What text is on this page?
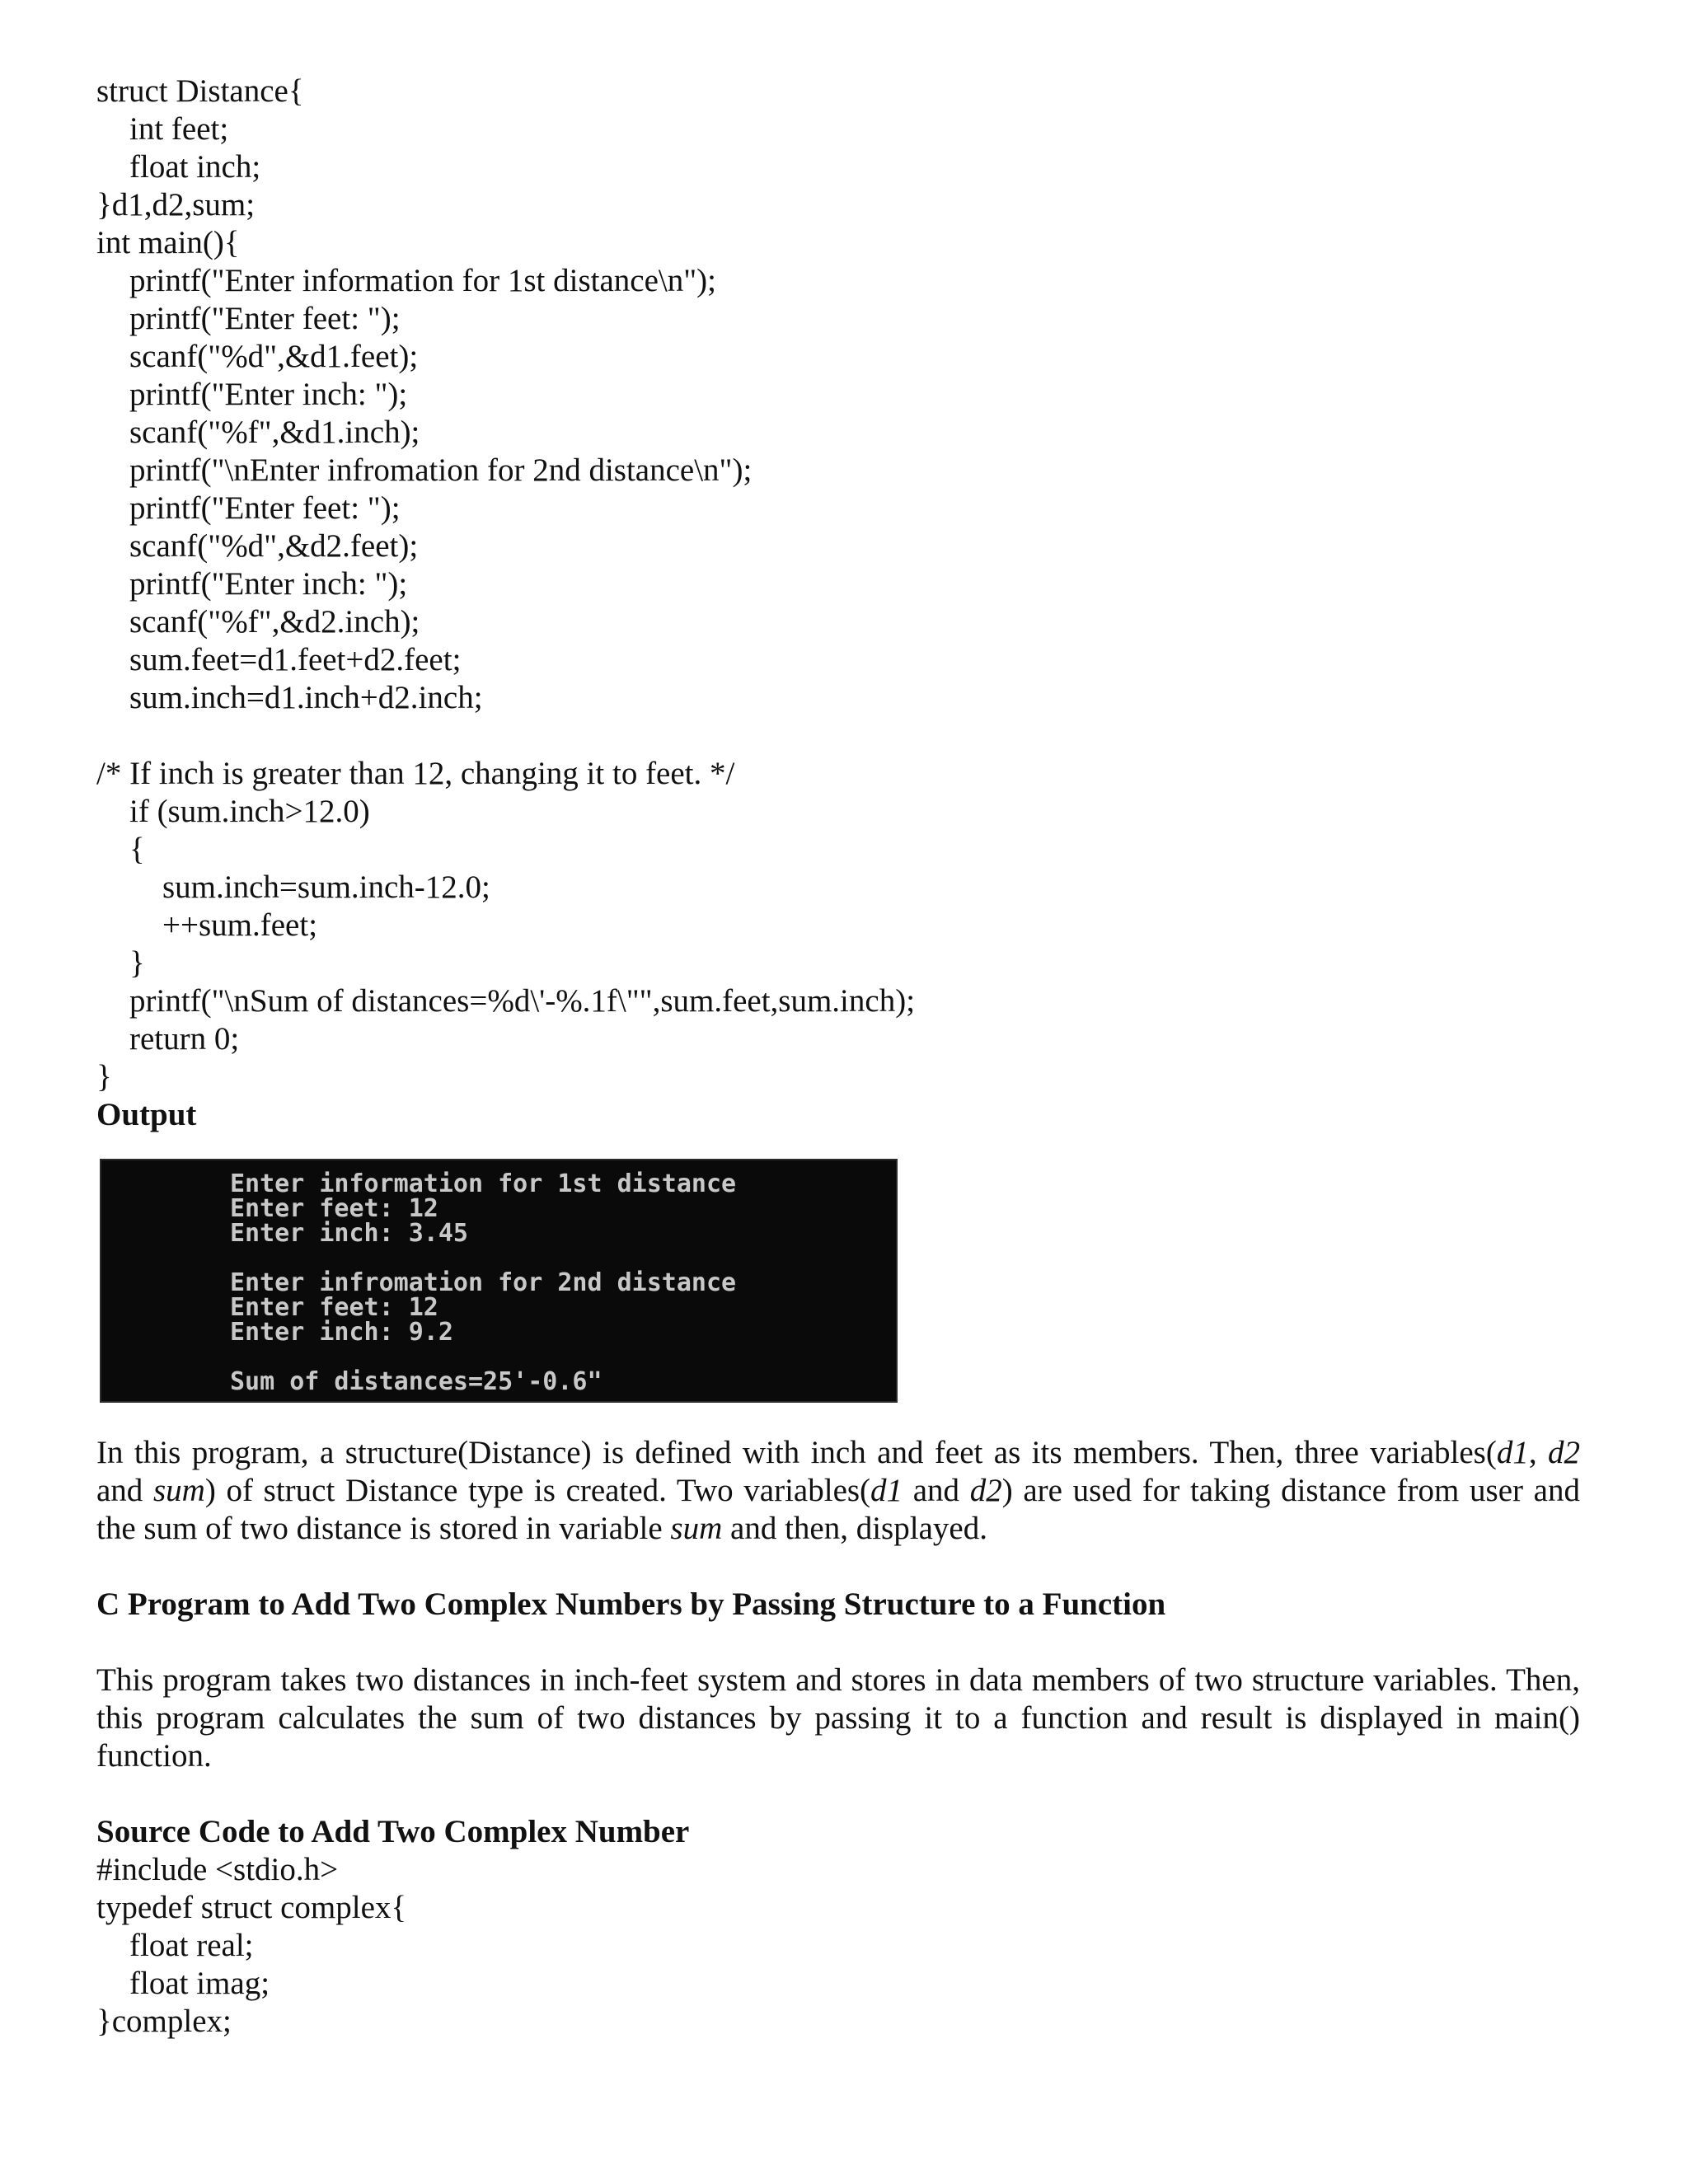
struct Distance{
int feet;
float inch;
}d1,d2,sum;
int main(){
printf("Enter information for 1st distance\n");
printf("Enter feet: ");
scanf("%d",&d1.feet);
printf("Enter inch: ");
scanf("%f",&d1.inch);
printf("\nEnter infromation for 2nd distance\n");
printf("Enter feet: ");
scanf("%d",&d2.feet);
printf("Enter inch: ");
scanf("%f",&d2.inch);
sum.feet=d1.feet+d2.feet;
sum.inch=d1.inch+d2.inch;
/* If inch is greater than 12, changing it to feet. */
if (sum.inch>12.0)
{
sum.inch=sum.inch-12.0;
++sum.feet;
}
printf("\nSum of distances=%d\'-%.1f\"",sum.feet,sum.inch);
return 0;
}
Output
Enter information for 1st distance
Enter feet: 12
Enter inch: 3.45
Enter infromation for 2nd distance
Enter feet: 12
Enter inch: 9.2
Sum of distances=25'-0.6"
In this program, a structure(Distance) is defined with inch and feet as its members. Then, three variables(d1, d2 and sum) of struct Distance type is created. Two variables(d1 and d2) are used for taking distance from user and the sum of two distance is stored in variable sum and then, displayed.
C Program to Add Two Complex Numbers by Passing Structure to a Function
This program takes two distances in inch-feet system and stores in data members of two structure variables. Then, this program calculates the sum of two distances by passing it to a function and result is displayed in main() function.
Source Code to Add Two Complex Number
#include <stdio.h>
typedef struct complex{
float real;
float imag;
}complex;
